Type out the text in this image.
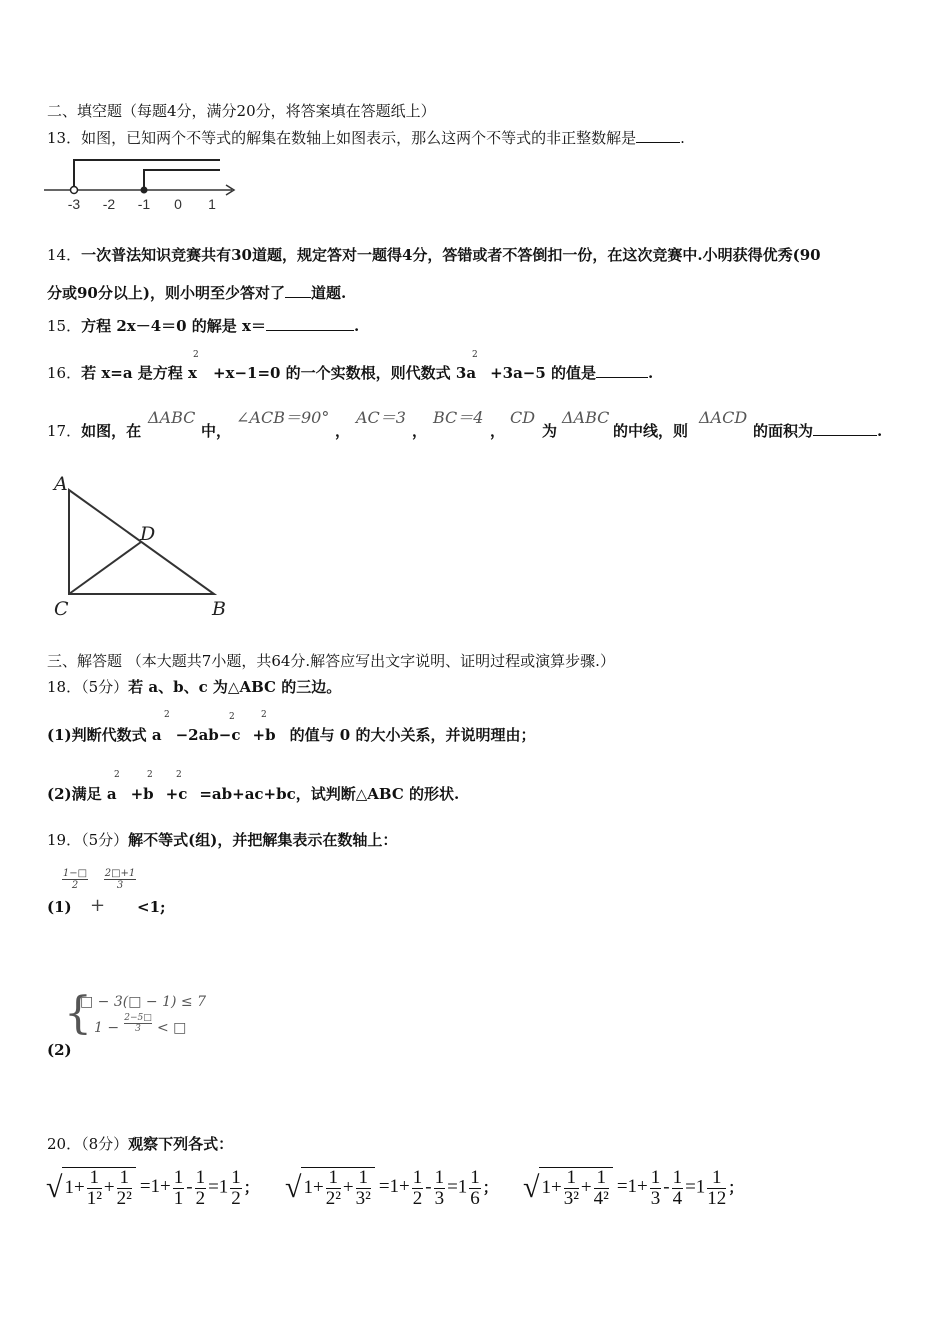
二、填空题（每题4分，满分20分，将答案填在答题纸上）
13．如图，已知两个不等式的解集在数轴上如图表示，那么这两个不等式的非正整数解是	.
-3 -2 -1 0 1
14．一次普法知识竞赛共有30道题，规定答对一题得4分，答错或者不答倒扣一份，在这次竞赛中.小明获得优秀(90
分或90分以上)，则小明至少答对了 道题.
15．方程 2x－4＝0 的解是 x＝	.
16．若 x=a 是方程 x +x−1=0 的一个实数根，则代数式 3a +3a−5 的值是	.
2	2
17．如图，在
ΔABC
中，
∠ACB＝90°
，
AC＝3
，
BC＝4
，
CD
为
ΔABC
的中线，则
ΔACD
的面积为	.
A
D
C	B
三、解答题 （本大题共7小题，共64分.解答应写出文字说明、证明过程或演算步骤.）
18．（5分）若 a、b、c 为△ABC 的三边。
(1)判断代数式 a −2ab−c +b 的值与 0 的大小关系，并说明理由；
2	2	2
(2)满足 a +b +c =ab+ac+bc，试判断△ABC 的形状.
2	2	2
19．（5分）解不等式(组)，并把解集表示在数轴上：
(1)
$\frac{1-□}{2}$
+
$\frac{2□+1}{3}$
<1;
{
□ − 3(□ − 1) ≤ 7
$1 - \frac{2-5□}{3}$ < □
(2)
20．（8分）观察下列各式：
√ $1+ \frac{1}{\text{1²}} + \frac{1}{\text{2²}} =1+ \frac{1}{1} - \frac{1}{2} =1 \frac{1}{2}$ ； √ $1+ \frac{1}{\text{2²}} + \frac{1}{\text{3²}} =1+ \frac{1}{2} - \frac{1}{3} =1 \frac{1}{6}$ ； √ $1+ \frac{1}{\text{3²}} + \frac{1}{\text{4²}} =1+ \frac{1}{3} - \frac{1}{4} =1 \frac{1}{12}$ ；
